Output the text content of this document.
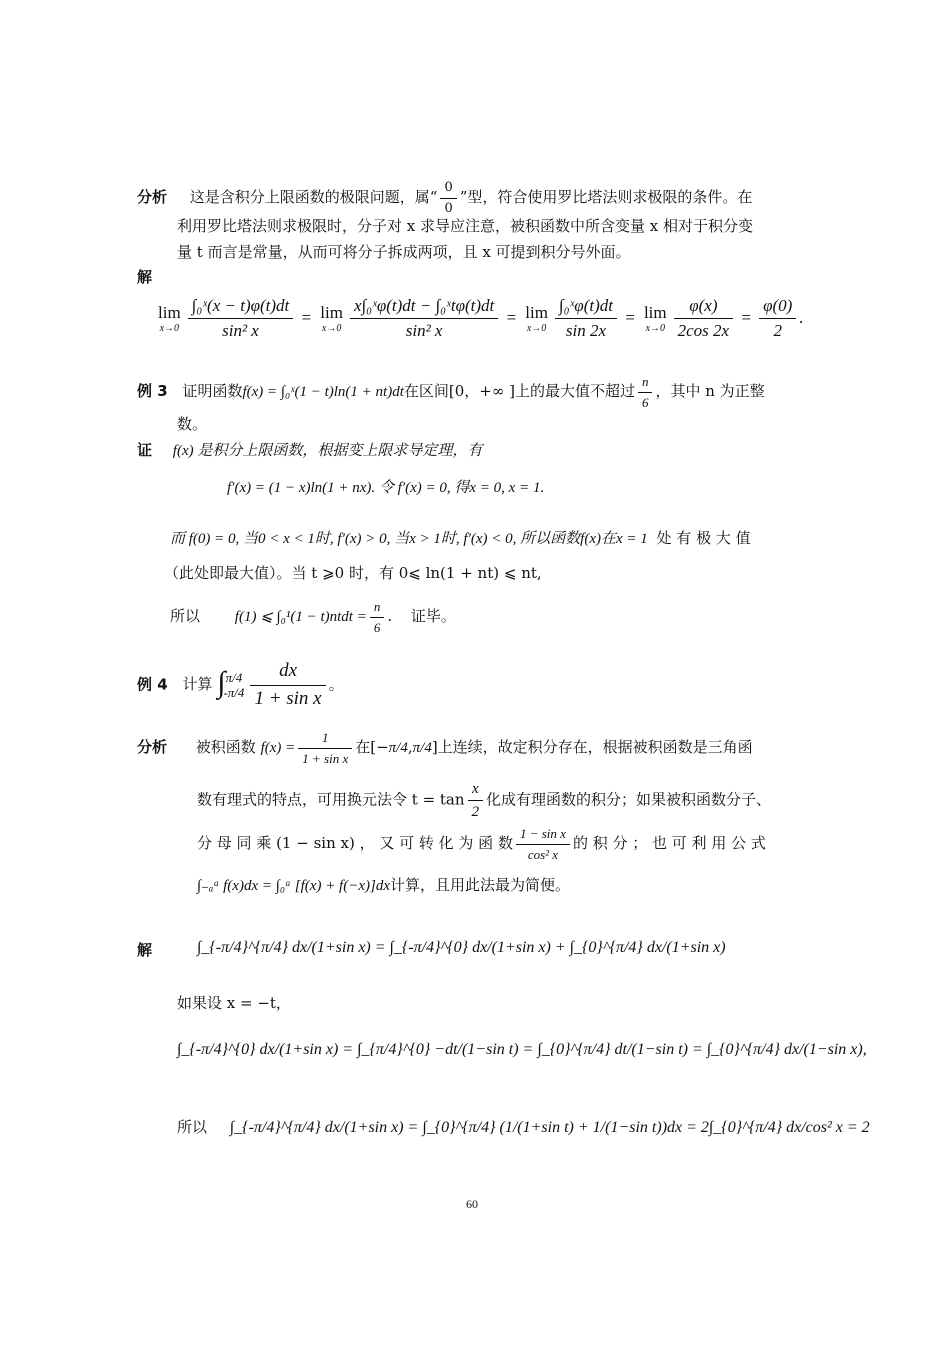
分析 这是含积分上限函数的极限问题，属“ $\frac{0}{0}$ ”型，符合使用罗比塔法则求极限的条件。在
利用罗比塔法则求极限时，分子对 x 求导应注意，被积函数中所含变量 x 相对于积分变
量 t 而言是常量，从而可将分子拆成两项，且 x 可提到积分号外面。
解
lim
$x\to 0 \frac{\text{∫₀ˣ(x − t)φ(t)dt}}{\text{sin² x}} = \lim$
$x\to 0 \frac{\text{x∫₀ˣφ(t)dt − ∫₀ˣtφ(t)dt}}{\text{sin² x}} = \lim$
$x\to 0 \frac{\text{∫₀ˣφ(t)dt}}{\sin 2x} = \lim$
$x\to 0 \frac{\varphi(x)}{2\cos 2x} = \frac{\varphi(0)}{2}$ .
例 3 证明函数f(x) = ∫₀ˣ(1 − t)ln(1 + nt)dt在区间[0，+∞ ]上的最大值不超过 $\frac{n}{6}$ ，其中 n 为正整
数。
证 f(x) 是积分上限函数，根据变上限求导定理，有
f′(x) = (1 − x)ln(1 + nx). 令 f′(x) = 0, 得x = 0, x = 1.
而 f(0) = 0, 当0 < x < 1时, f′(x) > 0, 当x > 1时, f′(x) < 0, 所以函数f(x)在x = 1 处 有 极 大 值
（此处即最大值）。当 t ⩾0 时，有 0⩽ ln(1 + nt) ⩽ nt,
所以 f(1) ⩽ ∫₀¹(1 − t)ntdt = $\frac{n}{6}$ . 证毕。
例 4 计算 ∫ π/4
$-\pi/4 \frac{dx}{\text{1 + sin x}}$ 。
分析 被积函数 $f(x) = \frac{1}{\text{1 + sin x}}$ 在[−π/4,π/4]上连续，故定积分存在，根据被积函数是三角函
数有理式的特点，可用换元法令 $t = \tan \frac{x}{2}$ 化成有理函数的积分；如果被积函数分子、
分 母 同 乘 (1 − sin x) ， 又 可 转 化 为 函 数 $\frac{\text{1 − sin x}}{\text{cos² x}}$ 的 积 分 ； 也 可 利 用 公 式
∫₋ₐᵃ f(x)dx = ∫₀ᵃ [f(x) + f(−x)]dx计算，且用此法最为简便。
解	∫_{-π/4}^{π/4} dx/(1+sin x) = ∫_{-π/4}^{0} dx/(1+sin x) + ∫_{0}^{π/4} dx/(1+sin x)
如果设 x = −t，
∫_{-π/4}^{0} dx/(1+sin x) = ∫_{π/4}^{0} −dt/(1−sin t) = ∫_{0}^{π/4} dt/(1−sin t) = ∫_{0}^{π/4} dx/(1−sin x),
所以 ∫_{-π/4}^{π/4} dx/(1+sin x) = ∫_{0}^{π/4} (1/(1+sin t) + 1/(1−sin t))dx = 2∫_{0}^{π/4} dx/cos² x = 2
60
